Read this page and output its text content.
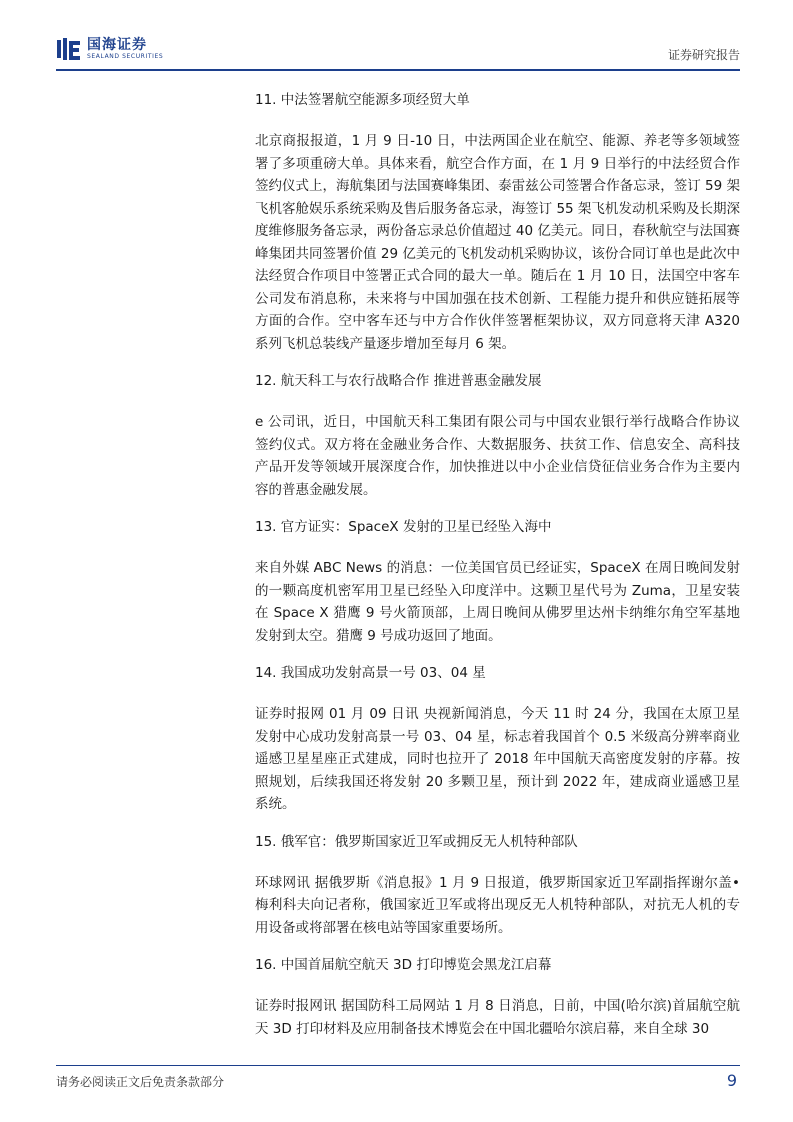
国海证券
SEALAND SECURITIES	证券研究报告

11. 中法签署航空能源多项经贸大单

北京商报报道，1 月 9 日-10 日，中法两国企业在航空、能源、养老等多领域签署了多项重磅大单。具体来看，航空合作方面，在 1 月 9 日举行的中法经贸合作签约仪式上，海航集团与法国赛峰集团、泰雷兹公司签署合作备忘录，签订 59 架飞机客舱娱乐系统采购及售后服务备忘录，海签订 55 架飞机发动机采购及长期深度维修服务备忘录，两份备忘录总价值超过 40 亿美元。同日，春秋航空与法国赛峰集团共同签署价值 29 亿美元的飞机发动机采购协议，该份合同订单也是此次中法经贸合作项目中签署正式合同的最大一单。随后在 1 月 10 日，法国空中客车公司发布消息称，未来将与中国加强在技术创新、工程能力提升和供应链拓展等方面的合作。空中客车还与中方合作伙伴签署框架协议，双方同意将天津 A320 系列飞机总装线产量逐步增加至每月 6 架。

12. 航天科工与农行战略合作 推进普惠金融发展

e 公司讯，近日，中国航天科工集团有限公司与中国农业银行举行战略合作协议签约仪式。双方将在金融业务合作、大数据服务、扶贫工作、信息安全、高科技产品开发等领域开展深度合作，加快推进以中小企业信贷征信业务合作为主要内容的普惠金融发展。

13. 官方证实：SpaceX 发射的卫星已经坠入海中

来自外媒 ABC News 的消息：一位美国官员已经证实，SpaceX 在周日晚间发射的一颗高度机密军用卫星已经坠入印度洋中。这颗卫星代号为 Zuma，卫星安装在 Space X 猎鹰 9 号火箭顶部，上周日晚间从佛罗里达州卡纳维尔角空军基地发射到太空。猎鹰 9 号成功返回了地面。

14. 我国成功发射高景一号 03、04 星

证券时报网 01 月 09 日讯 央视新闻消息，今天 11 时 24 分，我国在太原卫星发射中心成功发射高景一号 03、04 星，标志着我国首个 0.5 米级高分辨率商业遥感卫星星座正式建成，同时也拉开了 2018 年中国航天高密度发射的序幕。按照规划，后续我国还将发射 20 多颗卫星，预计到 2022 年，建成商业遥感卫星系统。

15. 俄军官：俄罗斯国家近卫军或拥反无人机特种部队

环球网讯 据俄罗斯《消息报》1 月 9 日报道，俄罗斯国家近卫军副指挥谢尔盖•梅利科夫向记者称，俄国家近卫军或将出现反无人机特种部队，对抗无人机的专用设备或将部署在核电站等国家重要场所。

16. 中国首届航空航天 3D 打印博览会黑龙江启幕

证券时报网讯 据国防科工局网站 1 月 8 日消息，日前，中国(哈尔滨)首届航空航天 3D 打印材料及应用制备技术博览会在中国北疆哈尔滨启幕，来自全球 30

请务必阅读正文后免责条款部分	9
